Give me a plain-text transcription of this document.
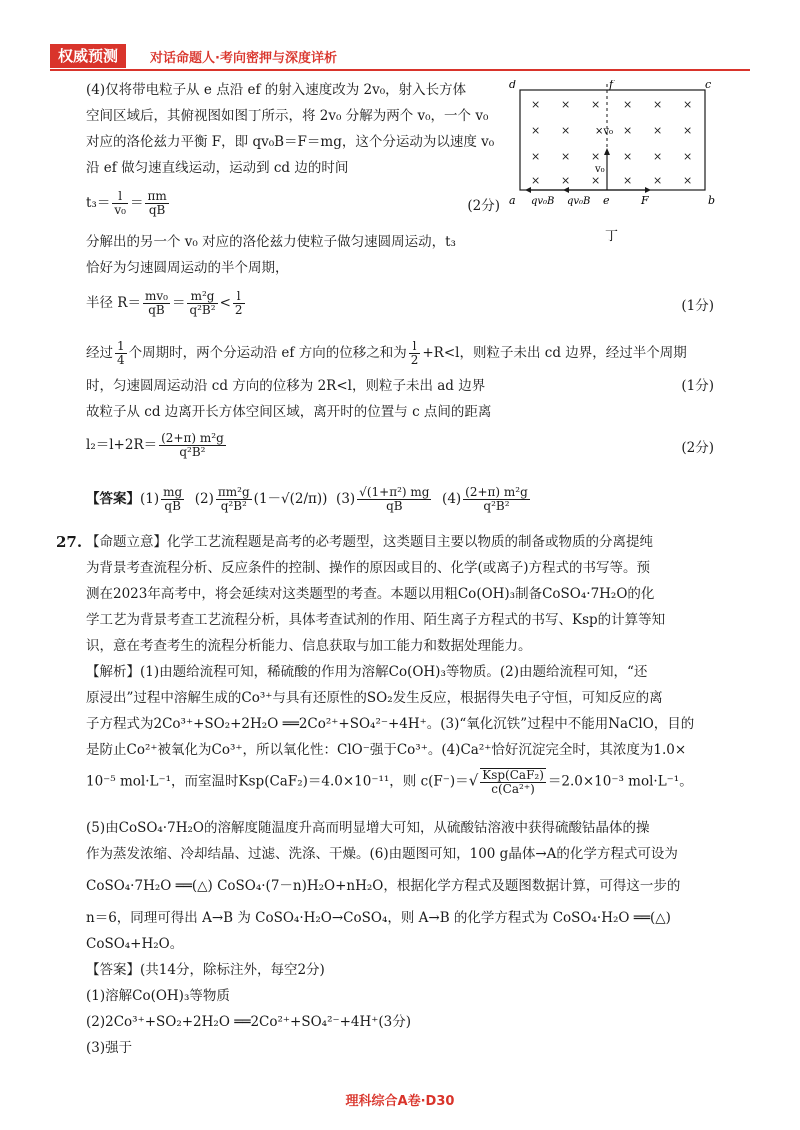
权威预测	对话命题人·考向密押与深度详析
(4)仅将带电粒子从 e 点沿 ef 的射入速度改为 2v₀，射入长方体
空间区域后，其俯视图如图丁所示，将 2v₀ 分解为两个 v₀，一个 v₀
对应的洛伦兹力平衡 F，即 qv₀B＝F＝mg，这个分运动为以速度 v₀
沿 ef 做匀速直线运动，运动到 cd 边的时间
$t_3= \frac{l}{\text{v₀}} = \frac{\pi m}{qB}$	(2分)
分解出的另一个 v₀ 对应的洛伦兹力使粒子做匀速圆周运动，t₃
恰好为匀速圆周运动的半个周期，
半径 $R= \frac{\text{mv₀}}{qB} = \frac{\text{m²g}}{\text{q²B²}} < \frac{l}{2}$	(1分)
经过 $\frac{1}{4}$ 个周期时，两个分运动沿 ef 方向的位移之和为 $\frac{l}{2} +R<l$，则粒子未出 cd 边界，经过半个周期
时，匀速圆周运动沿 cd 方向的位移为 2R<l，则粒子未出 ad 边界	(1分)
故粒子从 cd 边离开长方体空间区域，离开时的位置与 c 点间的距离
$l_2=l+2R= \frac{\text{(2+π) m²g}}{\text{q²B²}}$	(2分)
【答案】$(1) \frac{mg}{qB} (2) \frac{\text{πm²g}}{\text{q²B²}} (1-√(2/\pi))$ $(3) \frac{\text{√(1+π²) mg}}{qB} (4) \frac{\text{(2+π) m²g}}{\text{q²B²}}$
× × × × × ×
× ×	× × ×
× × × × × ×
× × × × × ×
×v₀
v₀
d	c
f
a	b
e
qv₀B qv₀B	F
丁
27. 【命题立意】化学工艺流程题是高考的必考题型，这类题目主要以物质的制备或物质的分离提纯
为背景考查流程分析、反应条件的控制、操作的原因或目的、化学(或离子)方程式的书写等。预
测在2023年高考中，将会延续对这类题型的考查。本题以用粗Co(OH)₃制备CoSO₄·7H₂O的化
学工艺为背景考查工艺流程分析，具体考查试剂的作用、陌生离子方程式的书写、Ksp的计算等知
识，意在考查考生的流程分析能力、信息获取与加工能力和数据处理能力。
【解析】(1)由题给流程可知，稀硫酸的作用为溶解Co(OH)₃等物质。(2)由题给流程可知，“还
原浸出”过程中溶解生成的Co³⁺与具有还原性的SO₂发生反应，根据得失电子守恒，可知反应的离
子方程式为2Co³⁺+SO₂+2H₂O ══2Co²⁺+SO₄²⁻+4H⁺。(3)“氧化沉铁”过程中不能用NaClO，目的
是防止Co²⁺被氧化为Co³⁺，所以氧化性：ClO⁻强于Co³⁺。(4)Ca²⁺恰好沉淀完全时，其浓度为1.0×
10⁻⁵ mol·L⁻¹，而室温时Ksp(CaF₂)＝4.0×10⁻¹¹，则 $c(F^-)=√ \frac{\text{Ksp(CaF₂)}}{\text{c(Ca²⁺)}} =2.0\times 10^{-3}$ mol·L⁻¹。
(5)由CoSO₄·7H₂O的溶解度随温度升高而明显增大可知，从硫酸钴溶液中获得硫酸钴晶体的操
作为蒸发浓缩、冷却结晶、过滤、洗涤、干燥。(6)由题图可知，100 g晶体→A的化学方程式可设为
CoSO₄·7H₂O ══(△) CoSO₄·(7－n)H₂O+nH₂O，根据化学方程式及题图数据计算，可得这一步的
n＝6，同理可得出 A→B 为 CoSO₄·H₂O→CoSO₄，则 A→B 的化学方程式为 CoSO₄·H₂O ══(△)
CoSO₄+H₂O。
【答案】(共14分，除标注外，每空2分)
(1)溶解Co(OH)₃等物质
(2)2Co³⁺+SO₂+2H₂O ══2Co²⁺+SO₄²⁻+4H⁺(3分)
(3)强于
理科综合A卷·D30
